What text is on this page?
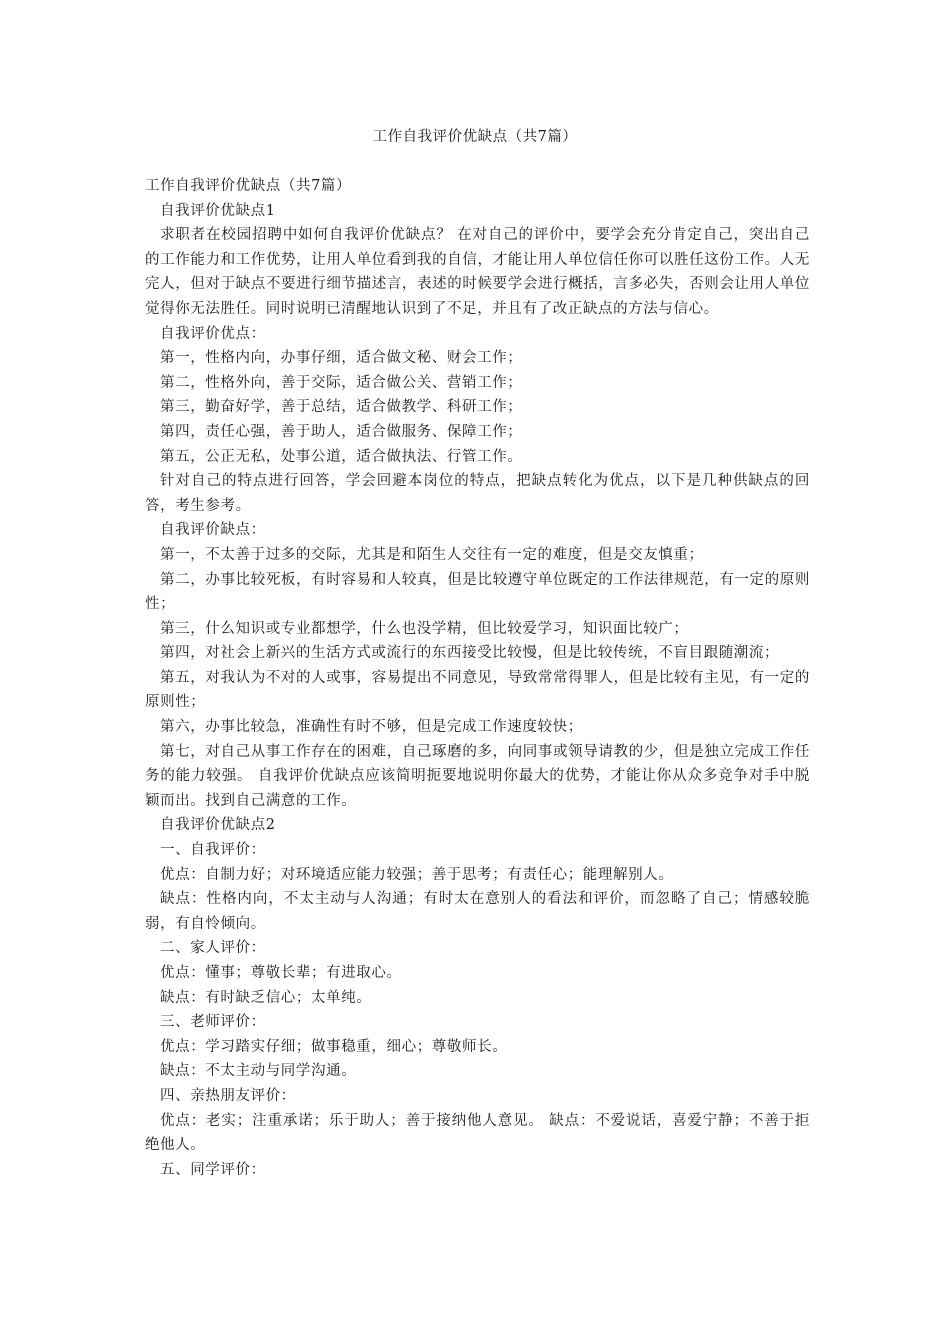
工作自我评价优缺点（共7篇）

工作自我评价优缺点（共7篇）

自我评价优缺点1

求职者在校园招聘中如何自我评价优缺点？ 在对自己的评价中，要学会充分肯定自己，突出自己的工作能力和工作优势，让用人单位看到我的自信，才能让用人单位信任你可以胜任这份工作。人无完人，但对于缺点不要进行细节描述言，表述的时候要学会进行概括，言多必失，否则会让用人单位觉得你无法胜任。同时说明已清醒地认识到了不足，并且有了改正缺点的方法与信心。

自我评价优点：

第一，性格内向，办事仔细，适合做文秘、财会工作；

第二，性格外向，善于交际，适合做公关、营销工作；

第三，勤奋好学，善于总结，适合做教学、科研工作；

第四，责任心强，善于助人，适合做服务、保障工作；

第五，公正无私，处事公道，适合做执法、行管工作。

针对自己的特点进行回答，学会回避本岗位的特点，把缺点转化为优点，以下是几种供缺点的回答，考生参考。

自我评价缺点：

第一，不太善于过多的交际，尤其是和陌生人交往有一定的难度，但是交友慎重；

第二，办事比较死板，有时容易和人较真，但是比较遵守单位既定的工作法律规范，有一定的原则性；

第三，什么知识或专业都想学，什么也没学精，但比较爱学习，知识面比较广；

第四，对社会上新兴的生活方式或流行的东西接受比较慢，但是比较传统，不盲目跟随潮流；

第五，对我认为不对的人或事，容易提出不同意见，导致常常得罪人，但是比较有主见，有一定的原则性；

第六，办事比较急，准确性有时不够，但是完成工作速度较快；

第七，对自己从事工作存在的困难，自己琢磨的多，向同事或领导请教的少，但是独立完成工作任务的能力较强。 自我评价优缺点应该简明扼要地说明你最大的优势，才能让你从众多竞争对手中脱颖而出。找到自己满意的工作。

自我评价优缺点2

一、自我评价：

优点：自制力好；对环境适应能力较强；善于思考；有责任心；能理解别人。

缺点：性格内向，不太主动与人沟通；有时太在意别人的看法和评价，而忽略了自己；情感较脆弱，有自怜倾向。

二、家人评价：

优点：懂事；尊敬长辈；有进取心。

缺点：有时缺乏信心；太单纯。

三、老师评价：

优点：学习踏实仔细；做事稳重，细心；尊敬师长。

缺点：不太主动与同学沟通。

四、亲热朋友评价：

优点：老实；注重承诺；乐于助人；善于接纳他人意见。 缺点：不爱说话，喜爱宁静；不善于拒绝他人。

五、同学评价：
